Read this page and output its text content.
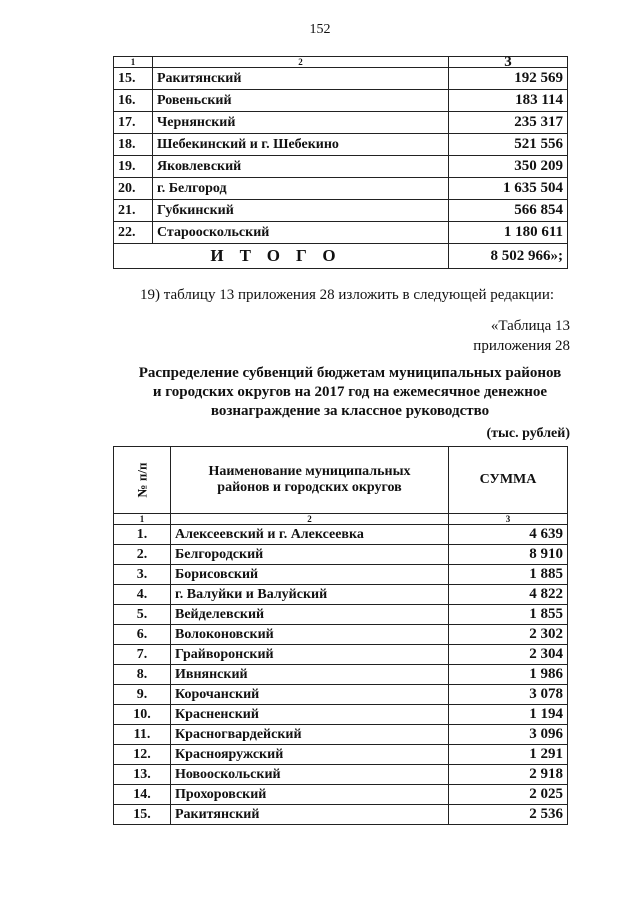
152
1	2	3
15.	Ракитянский	192 569
16.	Ровеньский	183 114
17.	Чернянский	235 317
18.	Шебекинский и г. Шебекино	521 556
19.	Яковлевский	350 209
20.	г. Белгород	1 635 504
21.	Губкинский	566 854
22.	Старооскольский	1 180 611
ИТОГО		8 502 966»;
19) таблицу 13 приложения 28 изложить в следующей редакции:
«Таблица 13
приложения 28
Распределение субвенций бюджетам муниципальных районов
и городских округов на 2017 год на ежемесячное денежное
вознаграждение за классное руководство
(тыс. рублей)
№ п/п	Наименование муниципальных
районов и городских округов	СУММА
1	2	3
1.	Алексеевский и г. Алексеевка	4 639
2.	Белгородский	8 910
3.	Борисовский	1 885
4.	г. Валуйки и Валуйский	4 822
5.	Вейделевский	1 855
6.	Волоконовский	2 302
7.	Грайворонский	2 304
8.	Ивнянский	1 986
9.	Корочанский	3 078
10.	Красненский	1 194
11.	Красногвардейский	3 096
12.	Краснояружский	1 291
13.	Новооскольский	2 918
14.	Прохоровский	2 025
15.	Ракитянский	2 536
